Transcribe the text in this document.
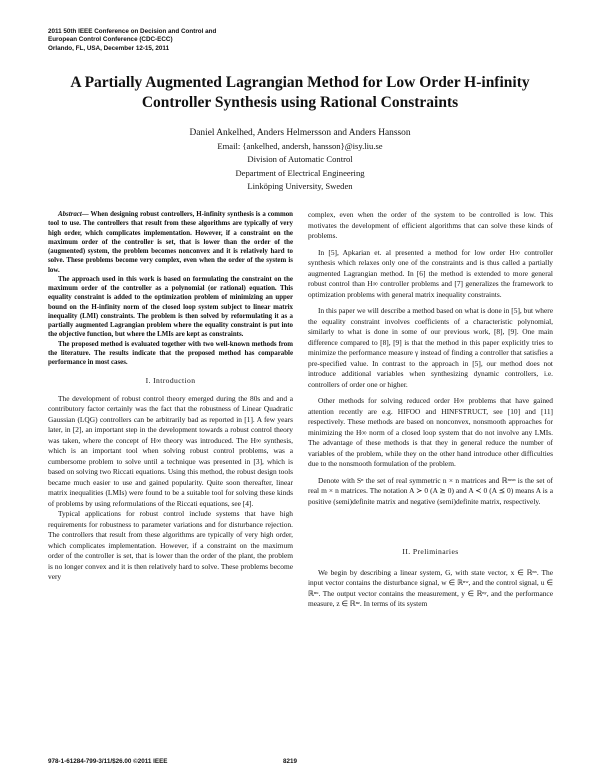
2011 50th IEEE Conference on Decision and Control and
European Control Conference (CDC-ECC)
Orlando, FL, USA, December 12-15, 2011
A Partially Augmented Lagrangian Method for Low Order H-infinity
Controller Synthesis using Rational Constraints
Daniel Ankelhed, Anders Helmersson and Anders Hansson
Email: {ankelhed, andersh, hansson}@isy.liu.se
Division of Automatic Control
Department of Electrical Engineering
Linköping University, Sweden

Abstract— When designing robust controllers, H-infinity synthesis is a common tool to use. The controllers that result from these algorithms are typically of very high order, which complicates implementation. However, if a constraint on the maximum order of the controller is set, that is lower than the order of the (augmented) system, the problem becomes nonconvex and it is relatively hard to solve. These problems become very complex, even when the order of the system is low.

The approach used in this work is based on formulating the constraint on the maximum order of the controller as a polynomial (or rational) equation. This equality constraint is added to the optimization problem of minimizing an upper bound on the H-infinity norm of the closed loop system subject to linear matrix inequality (LMI) constraints. The problem is then solved by reformulating it as a partially augmented Lagrangian problem where the equality constraint is put into the objective function, but where the LMIs are kept as constraints.

The proposed method is evaluated together with two well-known methods from the literature. The results indicate that the proposed method has comparable performance in most cases.

I. Introduction

The development of robust control theory emerged during the 80s and and a contributory factor certainly was the fact that the robustness of Linear Quadratic Gaussian (LQG) controllers can be arbitrarily bad as reported in [1]. A few years later, in [2], an important step in the development towards a robust control theory was taken, where the concept of H∞ theory was introduced. The H∞ synthesis, which is an important tool when solving robust control problems, was a cumbersome problem to solve until a technique was presented in [3], which is based on solving two Riccati equations. Using this method, the robust design tools became much easier to use and gained popularity. Quite soon thereafter, linear matrix inequalities (LMIs) were found to be a suitable tool for solving these kinds of problems by using reformulations of the Riccati equations, see [4].

Typical applications for robust control include systems that have high requirements for robustness to parameter variations and for disturbance rejection. The controllers that result from these algorithms are typically of very high order, which complicates implementation. However, if a constraint on the maximum order of the controller is set, that is lower than the order of the plant, the problem is no longer convex and it is then relatively hard to solve. These problems become very

complex, even when the order of the system to be controlled is low. This motivates the development of efficient algorithms that can solve these kinds of problems.

In [5], Apkarian et. al presented a method for low order H∞ controller synthesis which relaxes only one of the constraints and is thus called a partially augmented Lagrangian method. In [6] the method is extended to more general robust control than H∞ controller problems and [7] generalizes the framework to optimization problems with general matrix inequality constraints.

In this paper we will describe a method based on what is done in [5], but where the equality constraint involves coefficients of a characteristic polynomial, similarly to what is done in some of our previous work, [8], [9]. One main difference compared to [8], [9] is that the method in this paper explicitly tries to minimize the performance measure γ instead of finding a controller that satisfies a pre-specified value. In contrast to the approach in [5], our method does not introduce additional variables when synthesizing dynamic controllers, i.e. controllers of order one or higher.

Other methods for solving reduced order H∞ problems that have gained attention recently are e.g. HIFOO and HINFSTRUCT, see [10] and [11] respectively. These methods are based on nonconvex, nonsmooth approaches for minimizing the H∞ norm of a closed loop system that do not involve any LMIs. The advantage of these methods is that they in general reduce the number of variables of the problem, while they on the other hand introduce other difficulties due to the nonsmooth formulation of the problem.

Denote with Sⁿ the set of real symmetric n × n matrices and ℝᵐˣⁿ is the set of real m × n matrices. The notation A ≻ 0 (A ⪰ 0) and A ≺ 0 (A ⪯ 0) means A is a positive (semi)definite matrix and negative (semi)definite matrix, respectively.

II. Preliminaries

We begin by describing a linear system, G, with state vector, x ∈ ℝⁿˣ. The input vector contains the disturbance signal, w ∈ ℝⁿʷ, and the control signal, u ∈ ℝⁿᵘ. The output vector contains the measurement, y ∈ ℝⁿʸ, and the performance measure, z ∈ ℝⁿᶻ. In terms of its system

978-1-61284-799-3/11/$26.00 ©2011 IEEE	8219
